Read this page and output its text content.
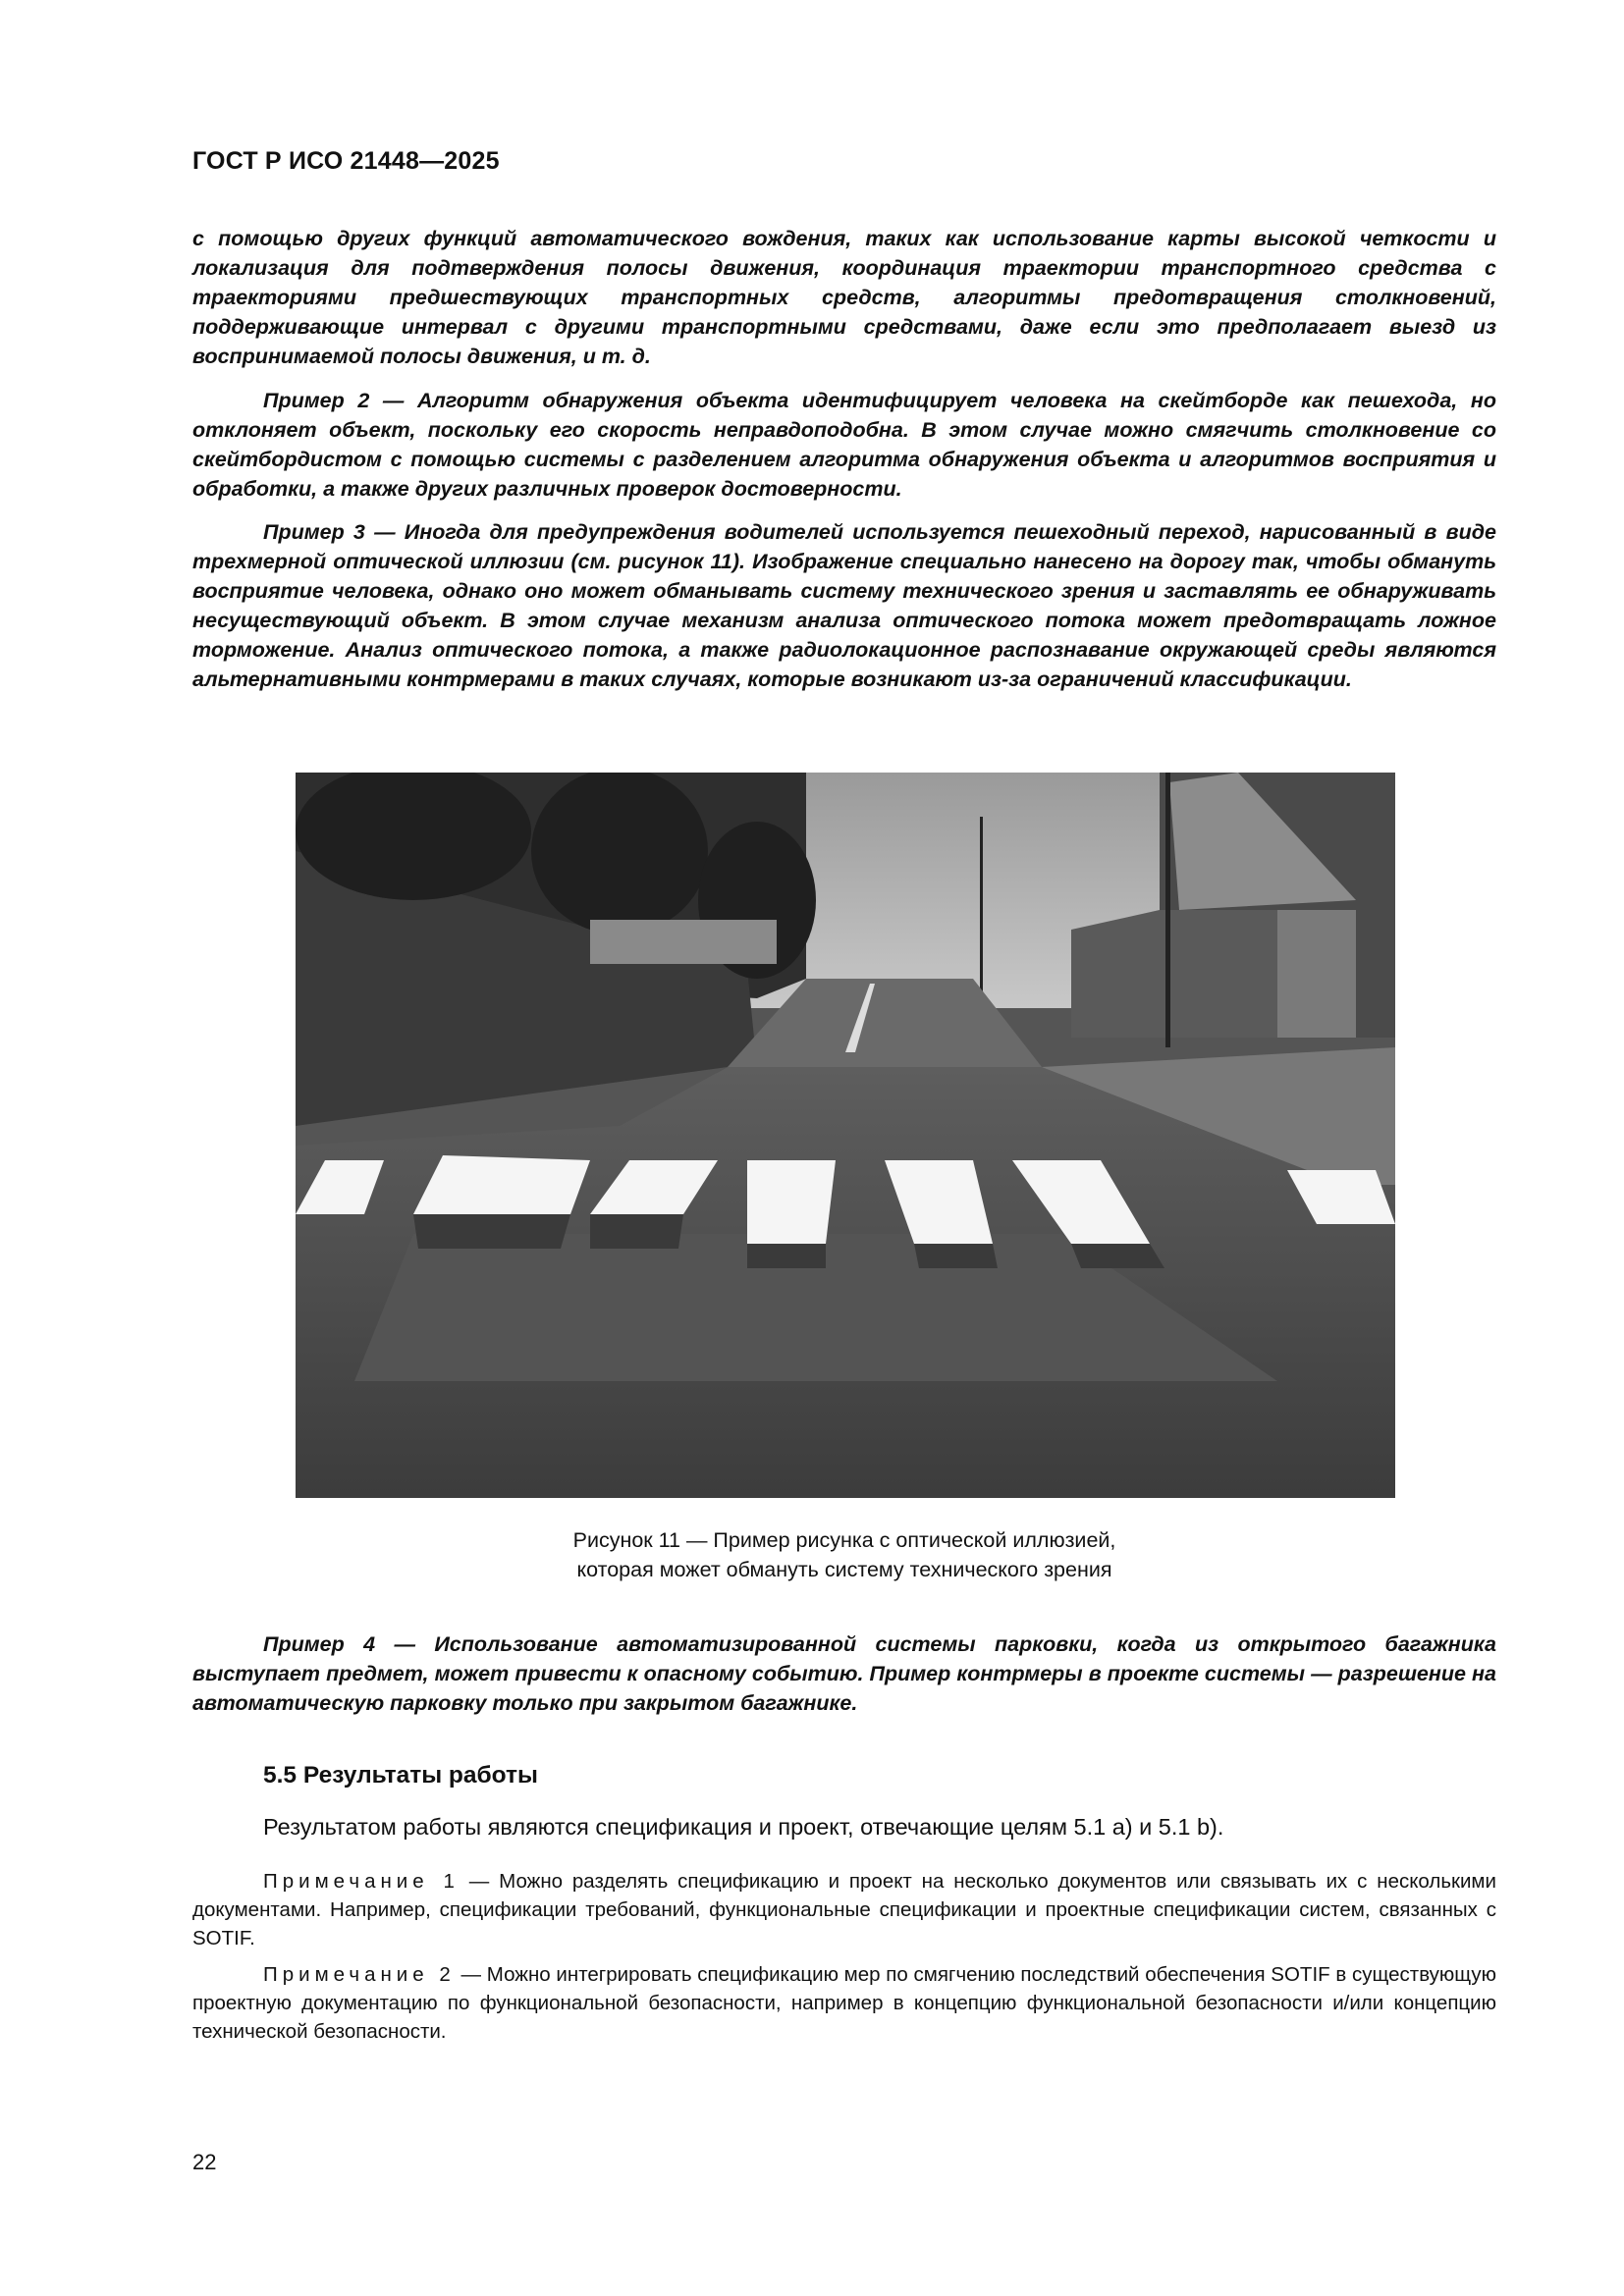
ГОСТ Р ИСО 21448—2025

с помощью других функций автоматического вождения, таких как использование карты высокой четкости и локализация для подтверждения полосы движения, координация траектории транспортного средства с траекториями предшествующих транспортных средств, алгоритмы предотвращения столкновений, поддерживающие интервал с другими транспортными средствами, даже если это предполагает выезд из воспринимаемой полосы движения, и т. д.

Пример 2 — Алгоритм обнаружения объекта идентифицирует человека на скейтборде как пешехода, но отклоняет объект, поскольку его скорость неправдоподобна. В этом случае можно смягчить столкновение со скейтбордистом с помощью системы с разделением алгоритма обнаружения объекта и алгоритмов восприятия и обработки, а также других различных проверок достоверности.

Пример 3 — Иногда для предупреждения водителей используется пешеходный переход, нарисованный в виде трехмерной оптической иллюзии (см. рисунок 11). Изображение специально нанесено на дорогу так, чтобы обмануть восприятие человека, однако оно может обманывать систему технического зрения и заставлять ее обнаруживать несуществующий объект. В этом случае механизм анализа оптического потока может предотвращать ложное торможение. Анализ оптического потока, а также радиолокационное распознавание окружающей среды являются альтернативными контрмерами в таких случаях, которые возникают из-за ограничений классификации.

Рисунок 11 — Пример рисунка с оптической иллюзией,
которая может обмануть систему технического зрения

Пример 4 — Использование автоматизированной системы парковки, когда из открытого багажника выступает предмет, может привести к опасному событию. Пример контрмеры в проекте системы — разрешение на автоматическую парковку только при закрытом багажнике.

5.5 Результаты работы
Результатом работы являются спецификация и проект, отвечающие целям 5.1 а) и 5.1 b).

Примечание 1 — Можно разделять спецификацию и проект на несколько документов или связывать их с несколькими документами. Например, спецификации требований, функциональные спецификации и проектные спецификации систем, связанных с SOTIF.

Примечание 2 — Можно интегрировать спецификацию мер по смягчению последствий обеспечения SOTIF в существующую проектную документацию по функциональной безопасности, например в концепцию функциональной безопасности и/или концепцию технической безопасности.

22
